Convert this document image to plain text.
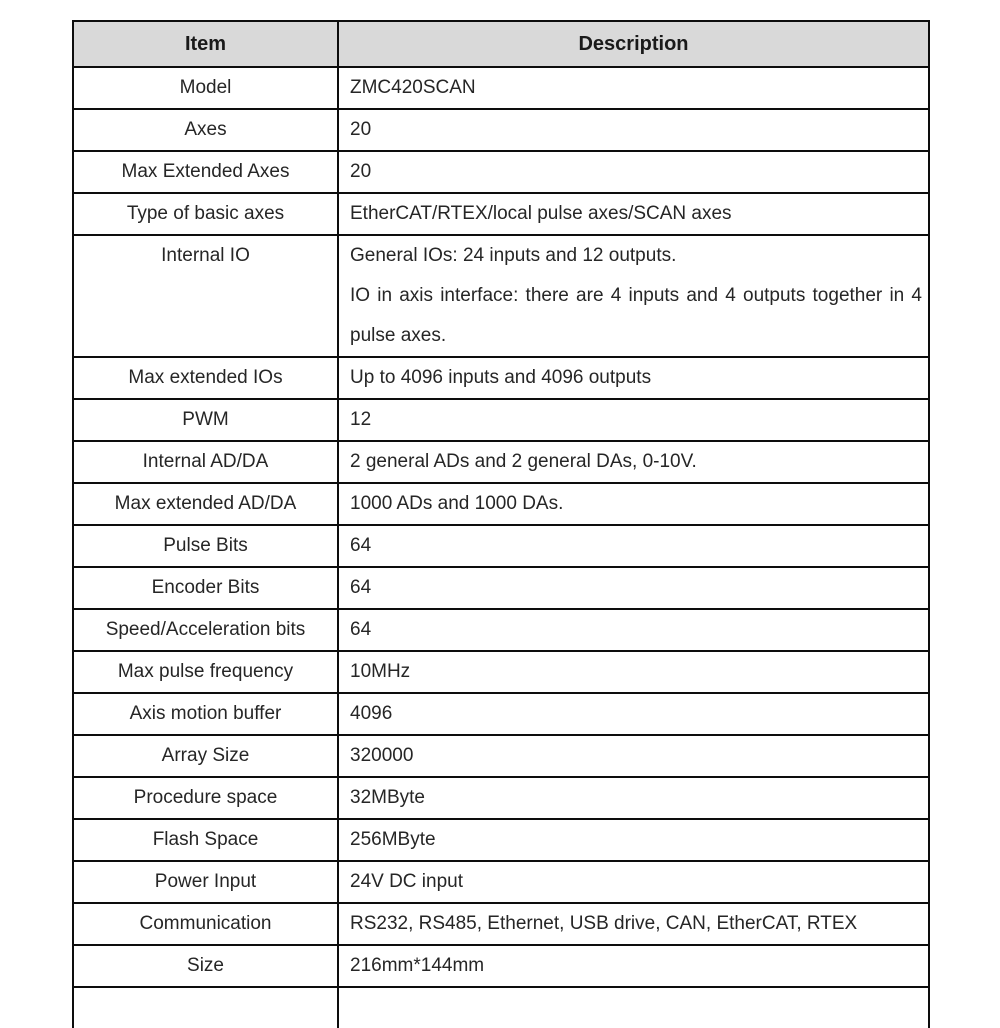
Item	Description
Model	ZMC420SCAN

Axes	20

Max Extended Axes	20

Type of basic axes	EtherCAT/RTEX/local pulse axes/SCAN axes

Internal IO	General IOs: 24 inputs and 12 outputs.

IO in axis interface: there are 4 inputs and 4 outputs together in 4 pulse axes.

Max extended IOs	Up to 4096 inputs and 4096 outputs

PWM	12

Internal AD/DA	2 general ADs and 2 general DAs, 0-10V.

Max extended AD/DA	1000 ADs and 1000 DAs.

Pulse Bits	64

Encoder Bits	64

Speed/Acceleration bits	64

Max pulse frequency	10MHz

Axis motion buffer	4096

Array Size	320000

Procedure space	32MByte

Flash Space	256MByte

Power Input	24V DC input

Communication	RS232, RS485, Ethernet, USB drive, CAN, EtherCAT, RTEX

Size	216mm*144mm
